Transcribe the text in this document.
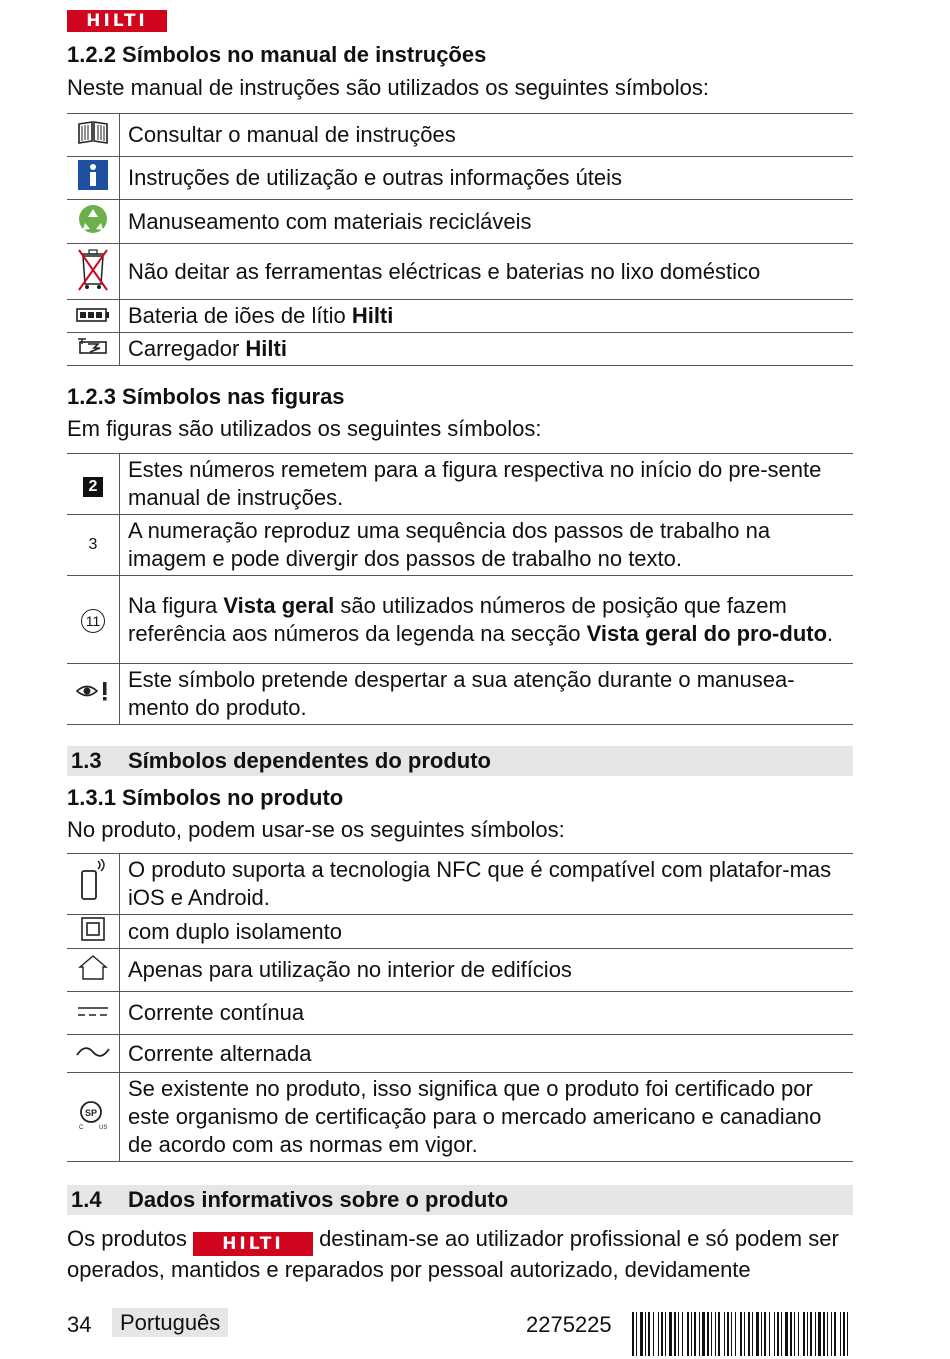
HILTI
1.2.2 Símbolos no manual de instruções
Neste manual de instruções são utilizados os seguintes símbolos:
	Consultar o manual de instruções
	Instruções de utilização e outras informações úteis
	Manuseamento com materiais recicláveis
	Não deitar as ferramentas eléctricas e baterias no lixo doméstico
	Bateria de iões de lítio Hilti
	Carregador Hilti
1.2.3 Símbolos nas figuras
Em figuras são utilizados os seguintes símbolos:
2	Estes números remetem para a figura respectiva no início do pre-sente manual de instruções.
3	A numeração reproduz uma sequência dos passos de trabalho na imagem e pode divergir dos passos de trabalho no texto.
11	Na figura Vista geral são utilizados números de posição que fazem referência aos números da legenda na secção Vista geral do pro-duto.
	Este símbolo pretende despertar a sua atenção durante o manusea-mento do produto.
1.3 Símbolos dependentes do produto
1.3.1 Símbolos no produto
No produto, podem usar-se os seguintes símbolos:
	O produto suporta a tecnologia NFC que é compatível com platafor-mas iOS e Android.
	com duplo isolamento
	Apenas para utilização no interior de edifícios
	Corrente contínua
	Corrente alternada

SP
C US	Se existente no produto, isso significa que o produto foi certificado por este organismo de certificação para o mercado americano e canadiano de acordo com as normas em vigor.
1.4 Dados informativos sobre o produto
Os produtos HILTI destinam-se ao utilizador profissional e só podem ser operados, mantidos e reparados por pessoal autorizado, devidamente
34	Português	2275225
